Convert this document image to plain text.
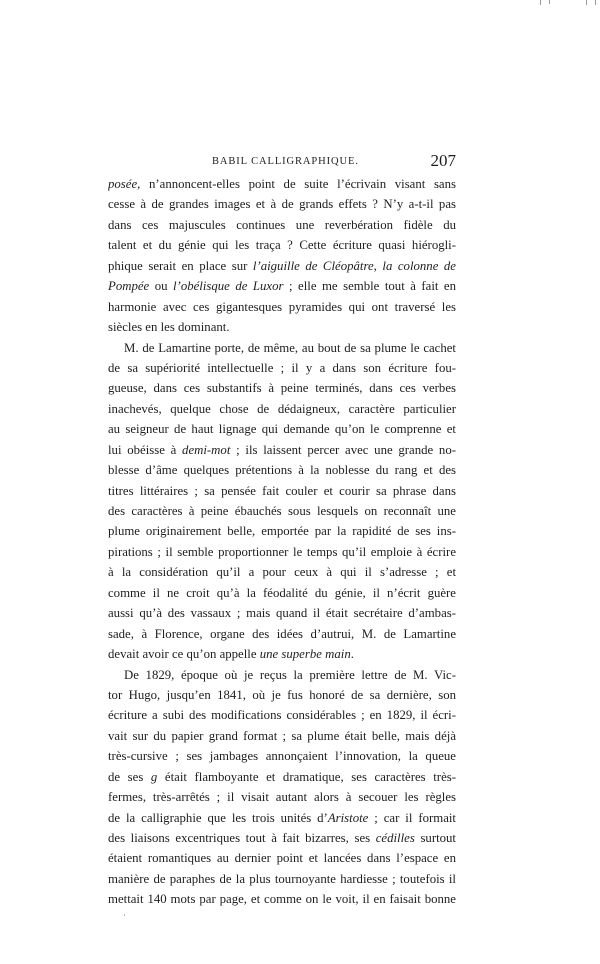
BABIL CALLIGRAPHIQUE.	207
posée, n’annoncent-elles point de suite l’écrivain visant sans
cesse à de grandes images et à de grands effets ? N’y a-t-il pas
dans ces majuscules continues une reverbération fidèle du
talent et du génie qui les traça ? Cette écriture quasi hiérogli-
phique serait en place sur l’aiguille de Cléopâtre, la colonne de
Pompée ou l’obélisque de Luxor ; elle me semble tout à fait en
harmonie avec ces gigantesques pyramides qui ont traversé les
siècles en les dominant.
M. de Lamartine porte, de même, au bout de sa plume le cachet
de sa supériorité intellectuelle ; il y a dans son écriture fou-
gueuse, dans ces substantifs à peine terminés, dans ces verbes
inachevés, quelque chose de dédaigneux, caractère particulier
au seigneur de haut lignage qui demande qu’on le comprenne et
lui obéisse à demi-mot ; ils laissent percer avec une grande no-
blesse d’âme quelques prétentions à la noblesse du rang et des
titres littéraires ; sa pensée fait couler et courir sa phrase dans
des caractères à peine ébauchés sous lesquels on reconnaît une
plume originairement belle, emportée par la rapidité de ses ins-
pirations ; il semble proportionner le temps qu’il emploie à écrire
à la considération qu’il a pour ceux à qui il s’adresse ; et
comme il ne croit qu’à la féodalité du génie, il n’écrit guère
aussi qu’à des vassaux ; mais quand il était secrétaire d’ambas-
sade, à Florence, organe des idées d’autrui, M. de Lamartine
devait avoir ce qu’on appelle une superbe main.
De 1829, époque où je reçus la première lettre de M. Vic-
tor Hugo, jusqu’en 1841, où je fus honoré de sa dernière, son
écriture a subi des modifications considérables ; en 1829, il écri-
vait sur du papier grand format ; sa plume était belle, mais déjà
très-cursive ; ses jambages annonçaient l’innovation, la queue
de ses g était flamboyante et dramatique, ses caractères très-
fermes, très-arrêtés ; il visait autant alors à secouer les règles
de la calligraphie que les trois unités d’Aristote ; car il formait
des liaisons excentriques tout à fait bizarres, ses cédilles surtout
étaient romantiques au dernier point et lancées dans l’espace en
manière de paraphes de la plus tournoyante hardiesse ; toutefois il
mettait 140 mots par page, et comme on le voit, il en faisait bonne
